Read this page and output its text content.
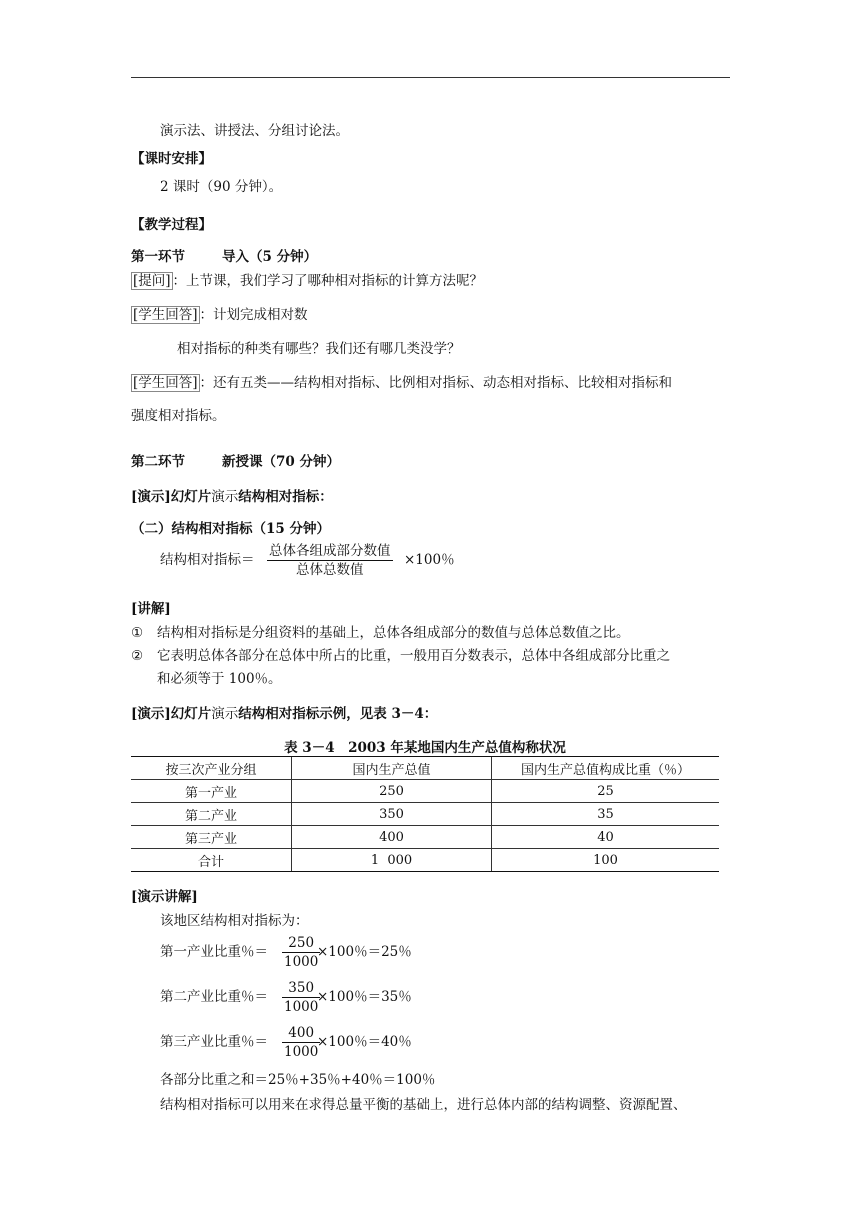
演示法、讲授法、分组讨论法。
【课时安排】
2 课时（90 分钟）。
【教学过程】
第一环节	导入（5 分钟）
[提问] ：上节课，我们学习了哪种相对指标的计算方法呢？
[学生回答] ：计划完成相对数
相对指标的种类有哪些？我们还有哪几类没学？
[学生回答] ：还有五类——结构相对指标、比例相对指标、动态相对指标、比较相对指标和
强度相对指标。
第二环节	新授课（70 分钟）
[演示]幻灯片演示结构相对指标：
（二）结构相对指标（15 分钟）
结构相对指标＝
总体各组成部分数值
总体总数值
×100％
[讲解]
① 结构相对指标是分组资料的基础上，总体各组成部分的数值与总体总数值之比。
② 它表明总体各部分在总体中所占的比重，一般用百分数表示，总体中各组成部分比重之
和必须等于 100％。
[演示]幻灯片演示结构相对指标示例，见表 3－4：
表 3－4　2003 年某地国内生产总值构称状况
按三次产业分组	国内生产总值	国内生产总值构成比重（％）
第一产业	250	25
第二产业	350	35
第三产业	400	40
合计	1  000	100
[演示讲解]
该地区结构相对指标为：
第一产业比重％＝
250
1000
×100％＝25％
第二产业比重％＝
350
1000
×100％＝35％
第三产业比重％＝
400
1000
×100％＝40％
各部分比重之和＝25％+35％+40％＝100％
结构相对指标可以用来在求得总量平衡的基础上，进行总体内部的结构调整、资源配置、
